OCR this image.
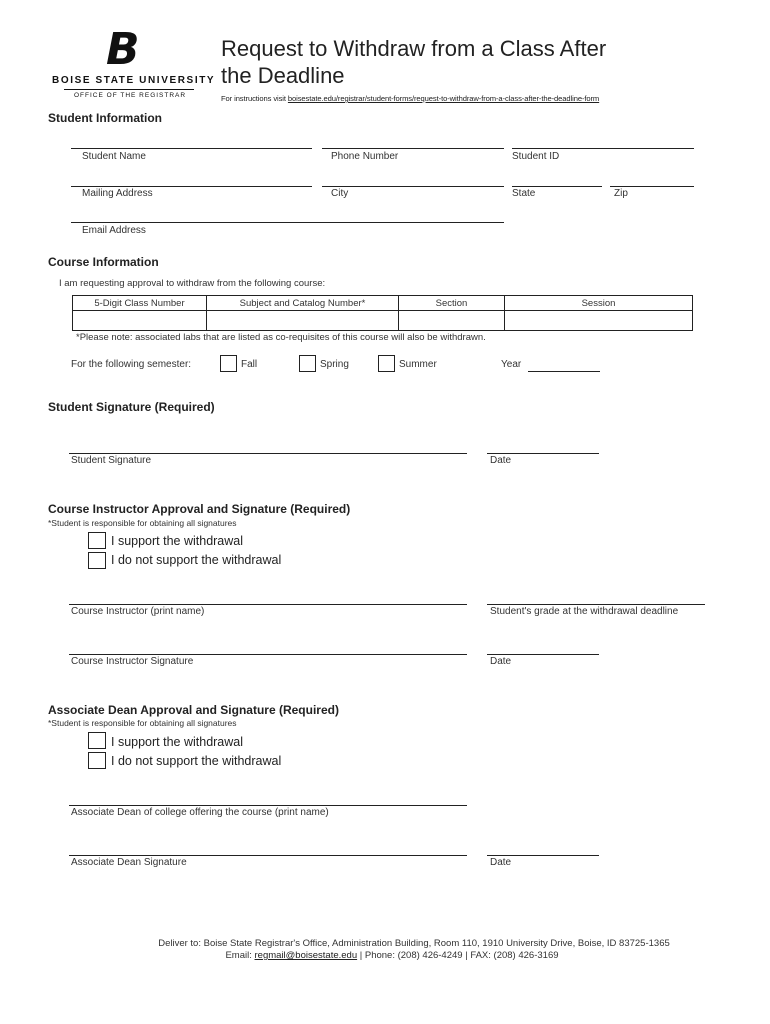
B
BOISE STATE UNIVERSITY
OFFICE OF THE REGISTRAR
Request to Withdraw from a Class After
the Deadline
For instructions visit boisestate.edu/registrar/student-forms/request-to-withdraw-from-a-class-after-the-deadline-form
Student Information
Student Name	Phone Number	Student ID
Mailing Address	City	State	Zip
Email Address
Course Information
I am requesting approval to withdraw from the following course:
5-Digit Class Number	Subject and Catalog Number*	Section	Session

*Please note: associated labs that are listed as co-requisites of this course will also be withdrawn.
For the following semester:	Fall	Spring	Summer	Year
Student Signature (Required)
Student Signature	Date
Course Instructor Approval and Signature (Required)
*Student is responsible for obtaining all signatures
I support the withdrawal
I do not support the withdrawal
Course Instructor (print name)	Student's grade at the withdrawal deadline
Course Instructor Signature	Date
Associate Dean Approval and Signature (Required)
*Student is responsible for obtaining all signatures
I support the withdrawal
I do not support the withdrawal
Associate Dean of college offering the course (print name)
Associate Dean Signature	Date
Deliver to: Boise State Registrar's Office, Administration Building, Room 110, 1910 University Drive, Boise, ID 83725-1365
Email: regmail@boisestate.edu | Phone: (208) 426-4249 | FAX: (208) 426-3169
